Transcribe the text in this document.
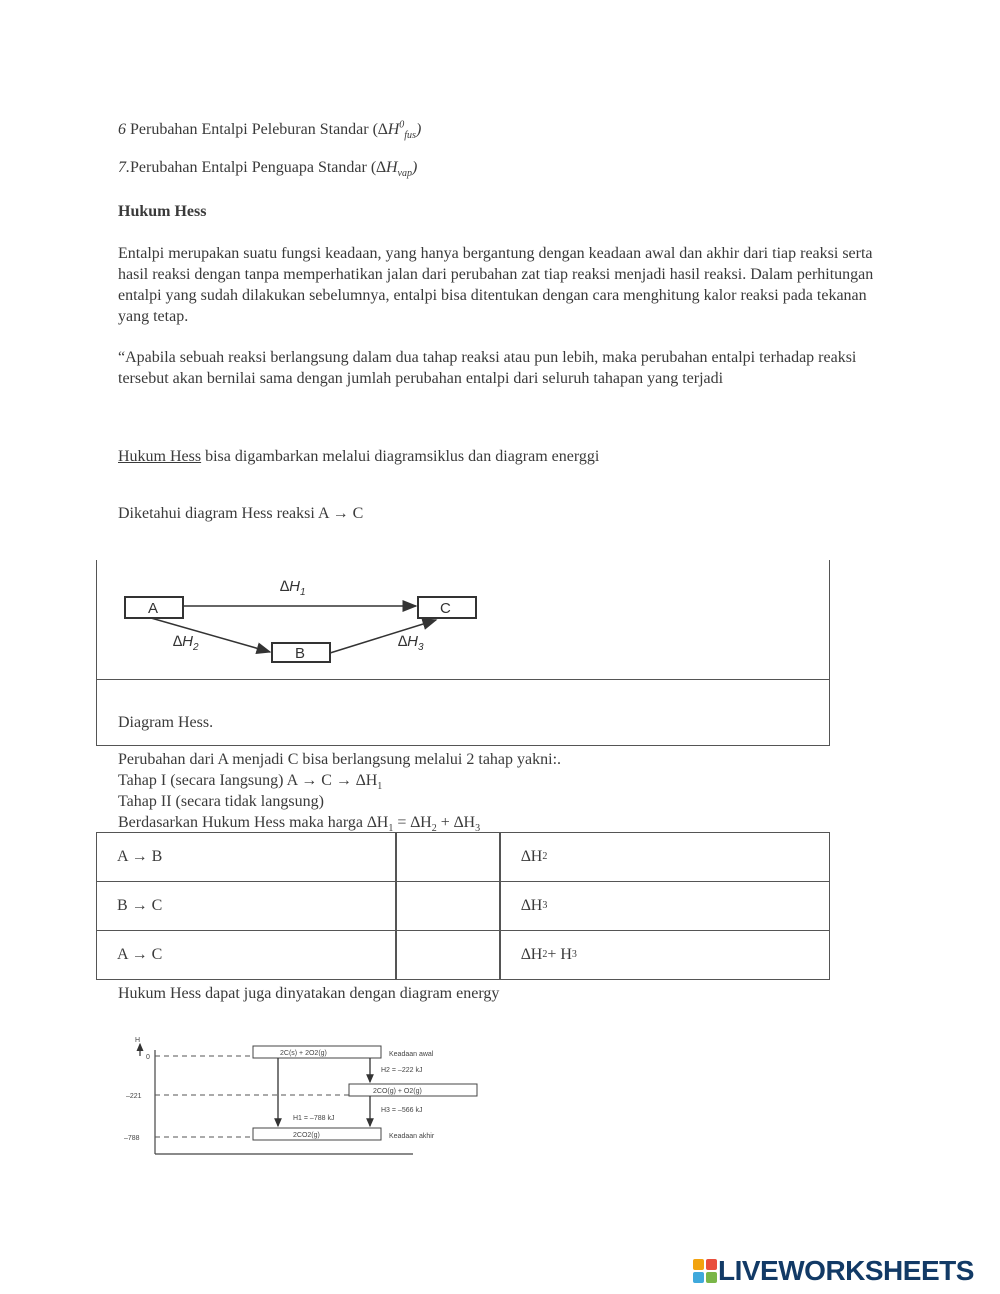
6 Perubahan Entalpi Peleburan Standar $(\Delta H^0_{fus})$
7.Perubahan Entalpi Penguapa Standar $(\Delta H_{vap})$
Hukum Hess
Entalpi merupakan suatu fungsi keadaan, yang hanya bergantung dengan keadaan awal dan akhir dari tiap reaksi serta hasil reaksi dengan tanpa memperhatikan jalan dari perubahan zat tiap reaksi menjadi hasil reaksi. Dalam perhitungan entalpi yang sudah dilakukan sebelumnya, entalpi bisa ditentukan dengan cara menghitung kalor reaksi pada tekanan yang tetap.
“Apabila sebuah reaksi berlangsung dalam dua tahap reaksi atau pun lebih, maka perubahan entalpi terhadap reaksi tersebut akan bernilai sama dengan jumlah perubahan entalpi dari seluruh tahapan yang terjadi
Hukum Hess bisa digambarkan melalui diagramsiklus dan diagram energgi
Diketahui diagram Hess reaksi A → C
A	C
B
$\Delta H_1$
$\Delta H_2$	$\Delta H_3$
Diagram Hess.
Perubahan dari A menjadi C bisa berlangsung melalui 2 tahap yakni:.
Tahap I (secara Iangsung) $A \to C \to \Delta H_1$
Tahap II (secara tidak langsung)
Berdasarkan Hukum Hess maka harga $\Delta H_1 = \Delta H_2 + \Delta H_3$
A → B	∆H 2
B → C	∆H 3
A → C	∆H 2 + H 3
Hukum Hess dapat juga dinyatakan dengan diagram energy
H
0
–221
–788
2C(s) + 2O2(g)
2CO(g) + O2(g)
2CO2(g)
Keadaan awal
Keadaan akhir
H2 = –222 kJ
H3 = –566 kJ
H1 = –788 kJ
LIVEWORKSHEETS
